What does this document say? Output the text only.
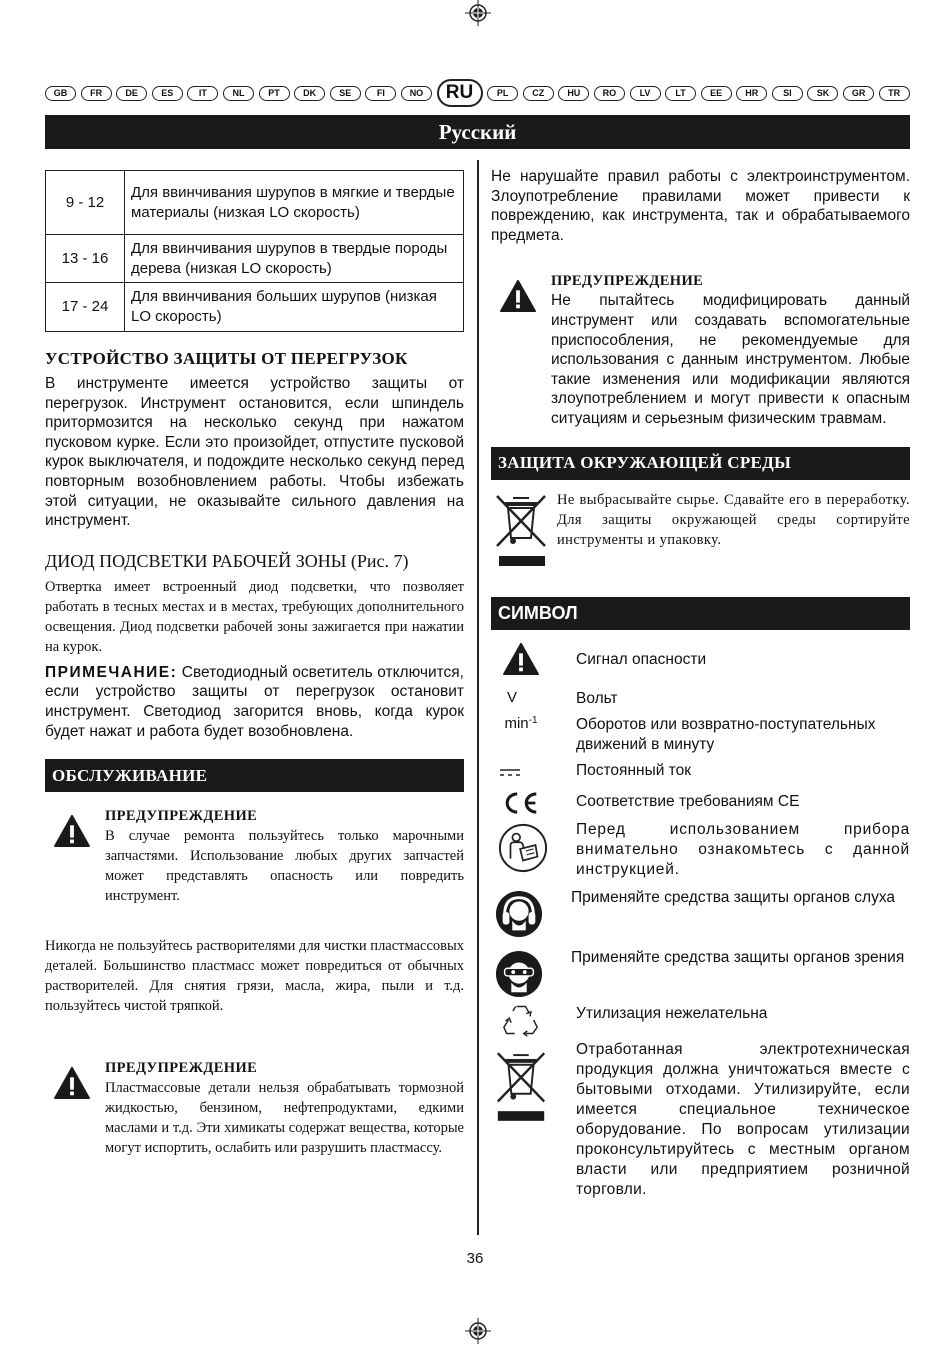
GB	FR	DE	ES	IT	NL	PT	DK	SE	FI	NO	RU	PL	CZ	HU	RO	LV	LT	EE	HR	SI	SK	GR	TR
Русский
9 - 12	Для ввинчивания шурупов в мягкие и твердые материалы (низкая LO скорость)
13 - 16	Для ввинчивания шурупов в твердые породы дерева (низкая LO скорость)
17 - 24	Для ввинчивания больших шурупов (низкая LO скорость)
УСТРОЙСТВО ЗАЩИТЫ ОТ ПЕРЕГРУЗОК

В инструменте имеется устройство защиты от перегрузок. Инструмент остановится, если шпиндель притормозится на несколько секунд при нажатом пусковом курке. Если это произойдет, отпустите пусковой курок выключателя, и подождите несколько секунд перед повторным возобновлением работы. Чтобы избежать этой ситуации, не оказывайте сильного давления на инструмент.

ДИОД ПОДСВЕТКИ РАБОЧЕЙ ЗОНЫ (Рис. 7)

Отвертка имеет встроенный диод подсветки, что позволяет работать в тесных местах и в местах, требующих дополнительного освещения. Диод подсветки рабочей зоны зажигается при нажатии на курок.

ПРИМЕЧАНИЕ: Светодиодный осветитель отключится, если устройство защиты от перегрузок остановит инструмент. Светодиод загорится вновь, когда курок будет нажат и работа будет возобновлена.

ОБСЛУЖИВАНИЕ
ПРЕДУПРЕЖДЕНИЕ

В случае ремонта пользуйтесь только марочными запчастями. Использование любых других запчастей может представлять опасность или повредить инструмент.

Никогда не пользуйтесь растворителями для чистки пластмассовых деталей. Большинство пластмасс может повредиться от обычных растворителей. Для снятия грязи, масла, жира, пыли и т.д. пользуйтесь чистой тряпкой.

ПРЕДУПРЕЖДЕНИЕ

Пластмассовые детали нельзя обрабатывать тормозной жидкостью, бензином, нефтепродуктами, едкими маслами и т.д. Эти химикаты содержат вещества, которые могут испортить, ослабить или разрушить пластмассу.

Не нарушайте правил работы с электроинструментом. Злоупотребление правилами может привести к повреждению, как инструмента, так и обрабатываемого предмета.

ПРЕДУПРЕЖДЕНИЕ

Не пытайтесь модифицировать данный инструмент или создавать вспомогательные приспособления, не рекомендуемые для использования с данным инструментом. Любые такие изменения или модификации являются злоупотреблением и могут привести к опасным ситуациям и серьезным физическим травмам.

ЗАЩИТА ОКРУЖАЮЩЕЙ СРЕДЫ

Не выбрасывайте сырье. Сдавайте его в переработку. Для защиты окружающей среды сортируйте инструменты и упаковку.

СИМВОЛ
Сигнал опасности
V	Вольт
min -1 Оборотов или возвратно-поступательных движений в минуту
Постоянный ток
Соответствие требованиям CE
Перед использованием прибора внимательно ознакомьтесь с данной инструкцией.
Применяйте средства защиты органов слуха
Применяйте средства защиты органов зрения
Утилизация нежелательна
Отработанная электротехническая продукция должна уничтожаться вместе с бытовыми отходами. Утилизируйте, если имеется специальное техническое оборудование. По вопросам утилизации проконсультируйтесь с местным органом власти или предприятием розничной торговли.
36
